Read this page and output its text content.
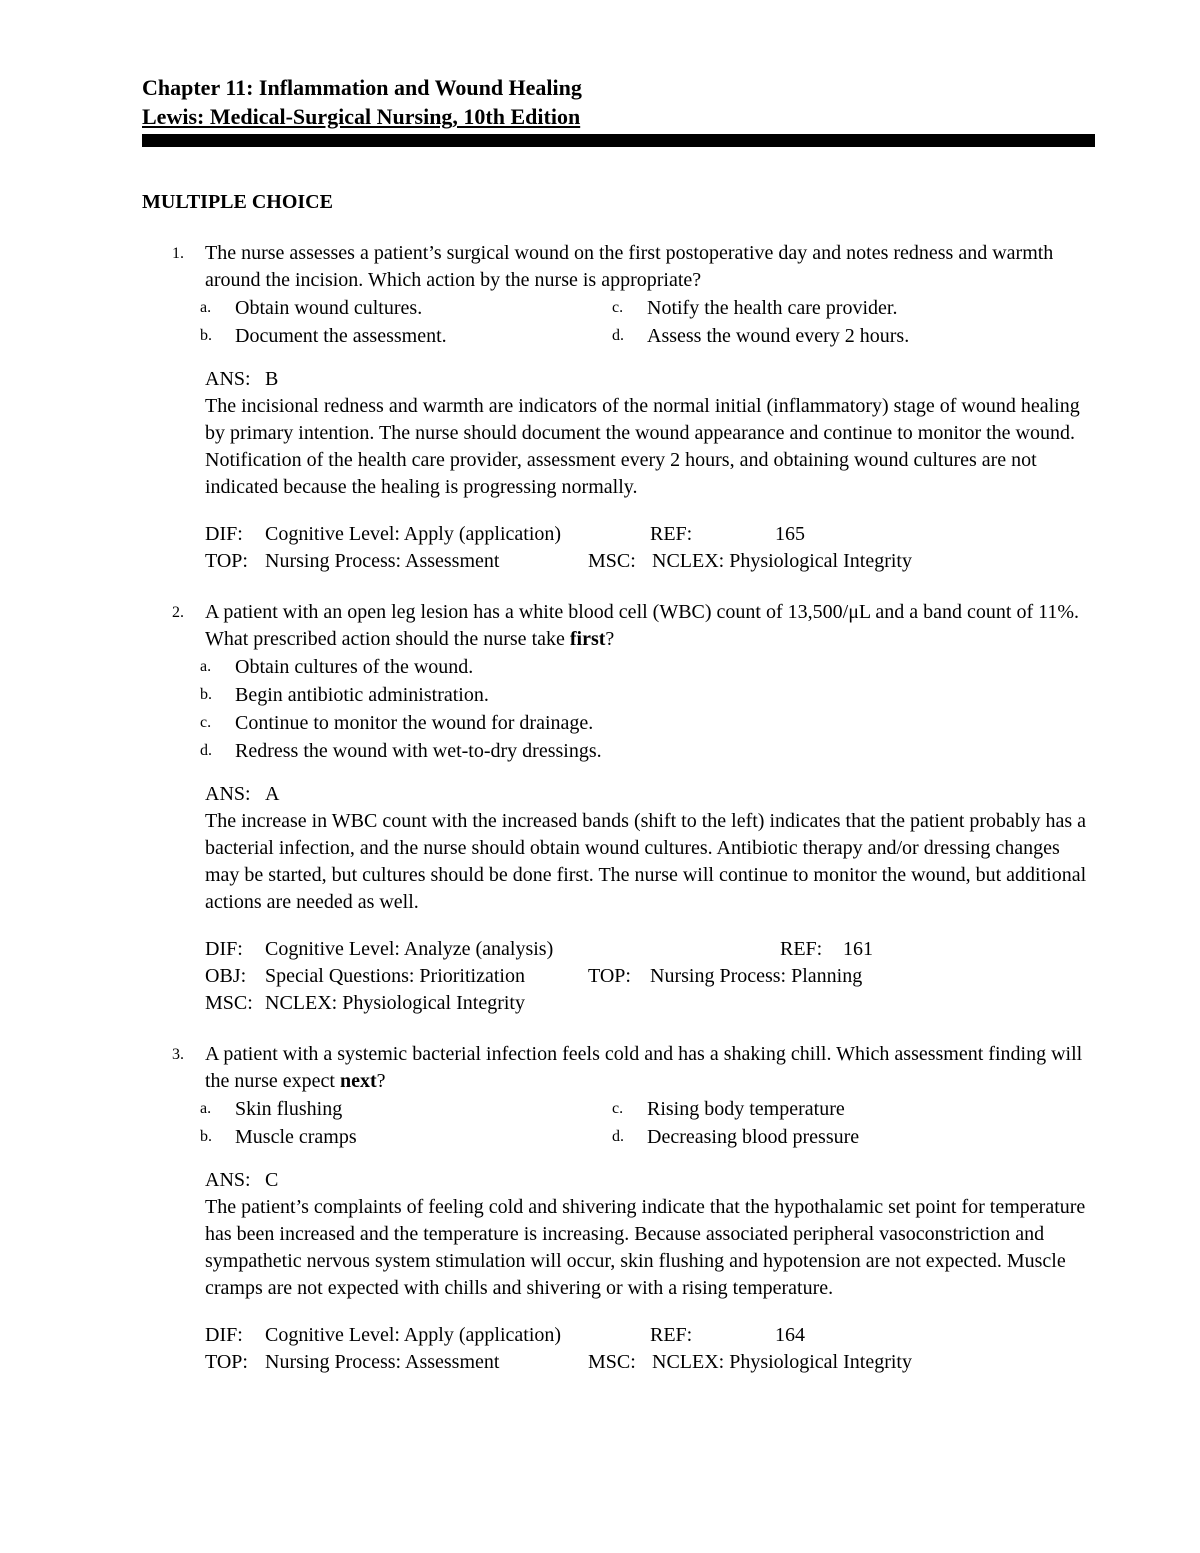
Chapter 11: Inflammation and Wound Healing
Lewis: Medical-Surgical Nursing, 10th Edition
MULTIPLE CHOICE
1.	The nurse assesses a patient’s surgical wound on the first postoperative day and notes redness and warmth around the incision. Which action by the nurse is appropriate?
a.	Obtain wound cultures.	c.	Notify the health care provider.
b.	Document the assessment.	d.	Assess the wound every 2 hours.
ANS: B
The incisional redness and warmth are indicators of the normal initial (inflammatory) stage of wound healing by primary intention. The nurse should document the wound appearance and continue to monitor the wound. Notification of the health care provider, assessment every 2 hours, and obtaining wound cultures are not indicated because the healing is progressing normally.
DIF: Cognitive Level: Apply (application)	REF:	165
TOP: Nursing Process: Assessment	MSC: NCLEX: Physiological Integrity
2.	A patient with an open leg lesion has a white blood cell (WBC) count of 13,500/μL and a band count of 11%. What prescribed action should the nurse take first?
a.	Obtain cultures of the wound.
b.	Begin antibiotic administration.
c.	Continue to monitor the wound for drainage.
d.	Redress the wound with wet-to-dry dressings.
ANS: A
The increase in WBC count with the increased bands (shift to the left) indicates that the patient probably has a bacterial infection, and the nurse should obtain wound cultures. Antibiotic therapy and/or dressing changes may be started, but cultures should be done first. The nurse will continue to monitor the wound, but additional actions are needed as well.
DIF: Cognitive Level: Analyze (analysis)	REF: 161
OBJ: Special Questions: Prioritization	TOP: Nursing Process: Planning
MSC: NCLEX: Physiological Integrity
3.	A patient with a systemic bacterial infection feels cold and has a shaking chill. Which assessment finding will the nurse expect next?
a.	Skin flushing	c.	Rising body temperature
b.	Muscle cramps	d.	Decreasing blood pressure
ANS: C
The patient’s complaints of feeling cold and shivering indicate that the hypothalamic set point for temperature has been increased and the temperature is increasing. Because associated peripheral vasoconstriction and sympathetic nervous system stimulation will occur, skin flushing and hypotension are not expected. Muscle cramps are not expected with chills and shivering or with a rising temperature.
DIF: Cognitive Level: Apply (application)	REF:	164
TOP: Nursing Process: Assessment	MSC: NCLEX: Physiological Integrity
